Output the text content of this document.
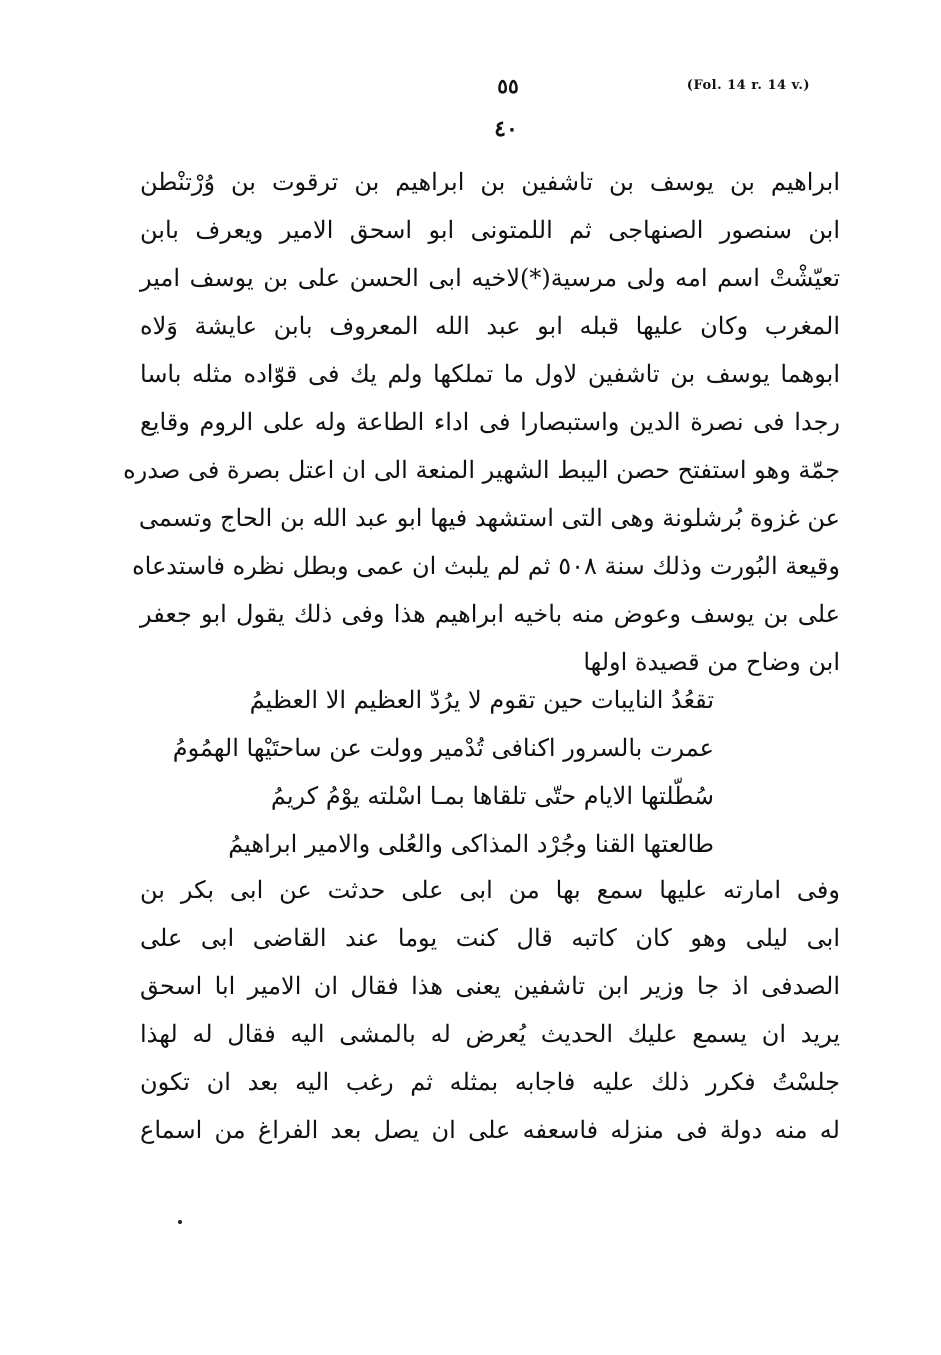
٥٥	(Fol. 14 r. 14 v.)
٤٠
ابراهيم بن يوسف بن تاشفين بن ابراهيم بن ترقوت بن وُرْتنْطن
ابن سنصور الصنهاجى ثم اللمتونى ابو اسحق الامير ويعرف بابن
تعيّشْتْ اسم امه ولى مرسية(*)لاخيه ابى الحسن على بن يوسف امير
المغرب وكان عليها قبله ابو عبد الله المعروف بابن عايشة وَلاه
ابوهما يوسف بن تاشفين لاول ما تملكها ولم يك فى قوّاده مثله باسا
رجدا فى نصرة الدين واستبصارا فى اداء الطاعة وله على الروم وقايع
جمّة وهو استفتح حصن اليبط الشهير المنعة الى ان اعتل بصرة فى صدره
عن غزوة بُرشلونة وهى التى استشهد فيها ابو عبد الله بن الحاج وتسمى
وقيعة البُورت وذلك سنة ٥٠٨ ثم لم يلبث ان عمى وبطل نظره فاستدعاه
على بن يوسف وعوض منه باخيه ابراهيم هذا وفى ذلك يقول ابو جعفر
ابن وضاح من قصيدة اولها
تقعُدُ النايبات حين تقوم لا يرُدّ العظيم الا العظيمُ
عمرت بالسرور اكنافى تُدْمير وولت عن ساحتَيْها الهمُومُ
سُطّلتها الايام حتّى تلقاها بمـا اسْلته يوْمُ كريمُ
طالعتها القنا وجُرْد المذاكى والعُلى والامير ابراهيمُ
وفى امارته عليها سمع بها من ابى على حدثت عن ابى بكر بن
ابى ليلى وهو كان كاتبه قال كنت يوما عند القاضى ابى على
الصدفى اذ جا وزير ابن تاشفين يعنى هذا فقال ان الامير ابا اسحق
يريد ان يسمع عليك الحديث يُعرض له بالمشى اليه فقال له لهذا
جلسْتُ فكرر ذلك عليه فاجابه بمثله ثم رغب اليه بعد ان تكون
له منه دولة فى منزله فاسعفه على ان يصل بعد الفراغ من اسماع
